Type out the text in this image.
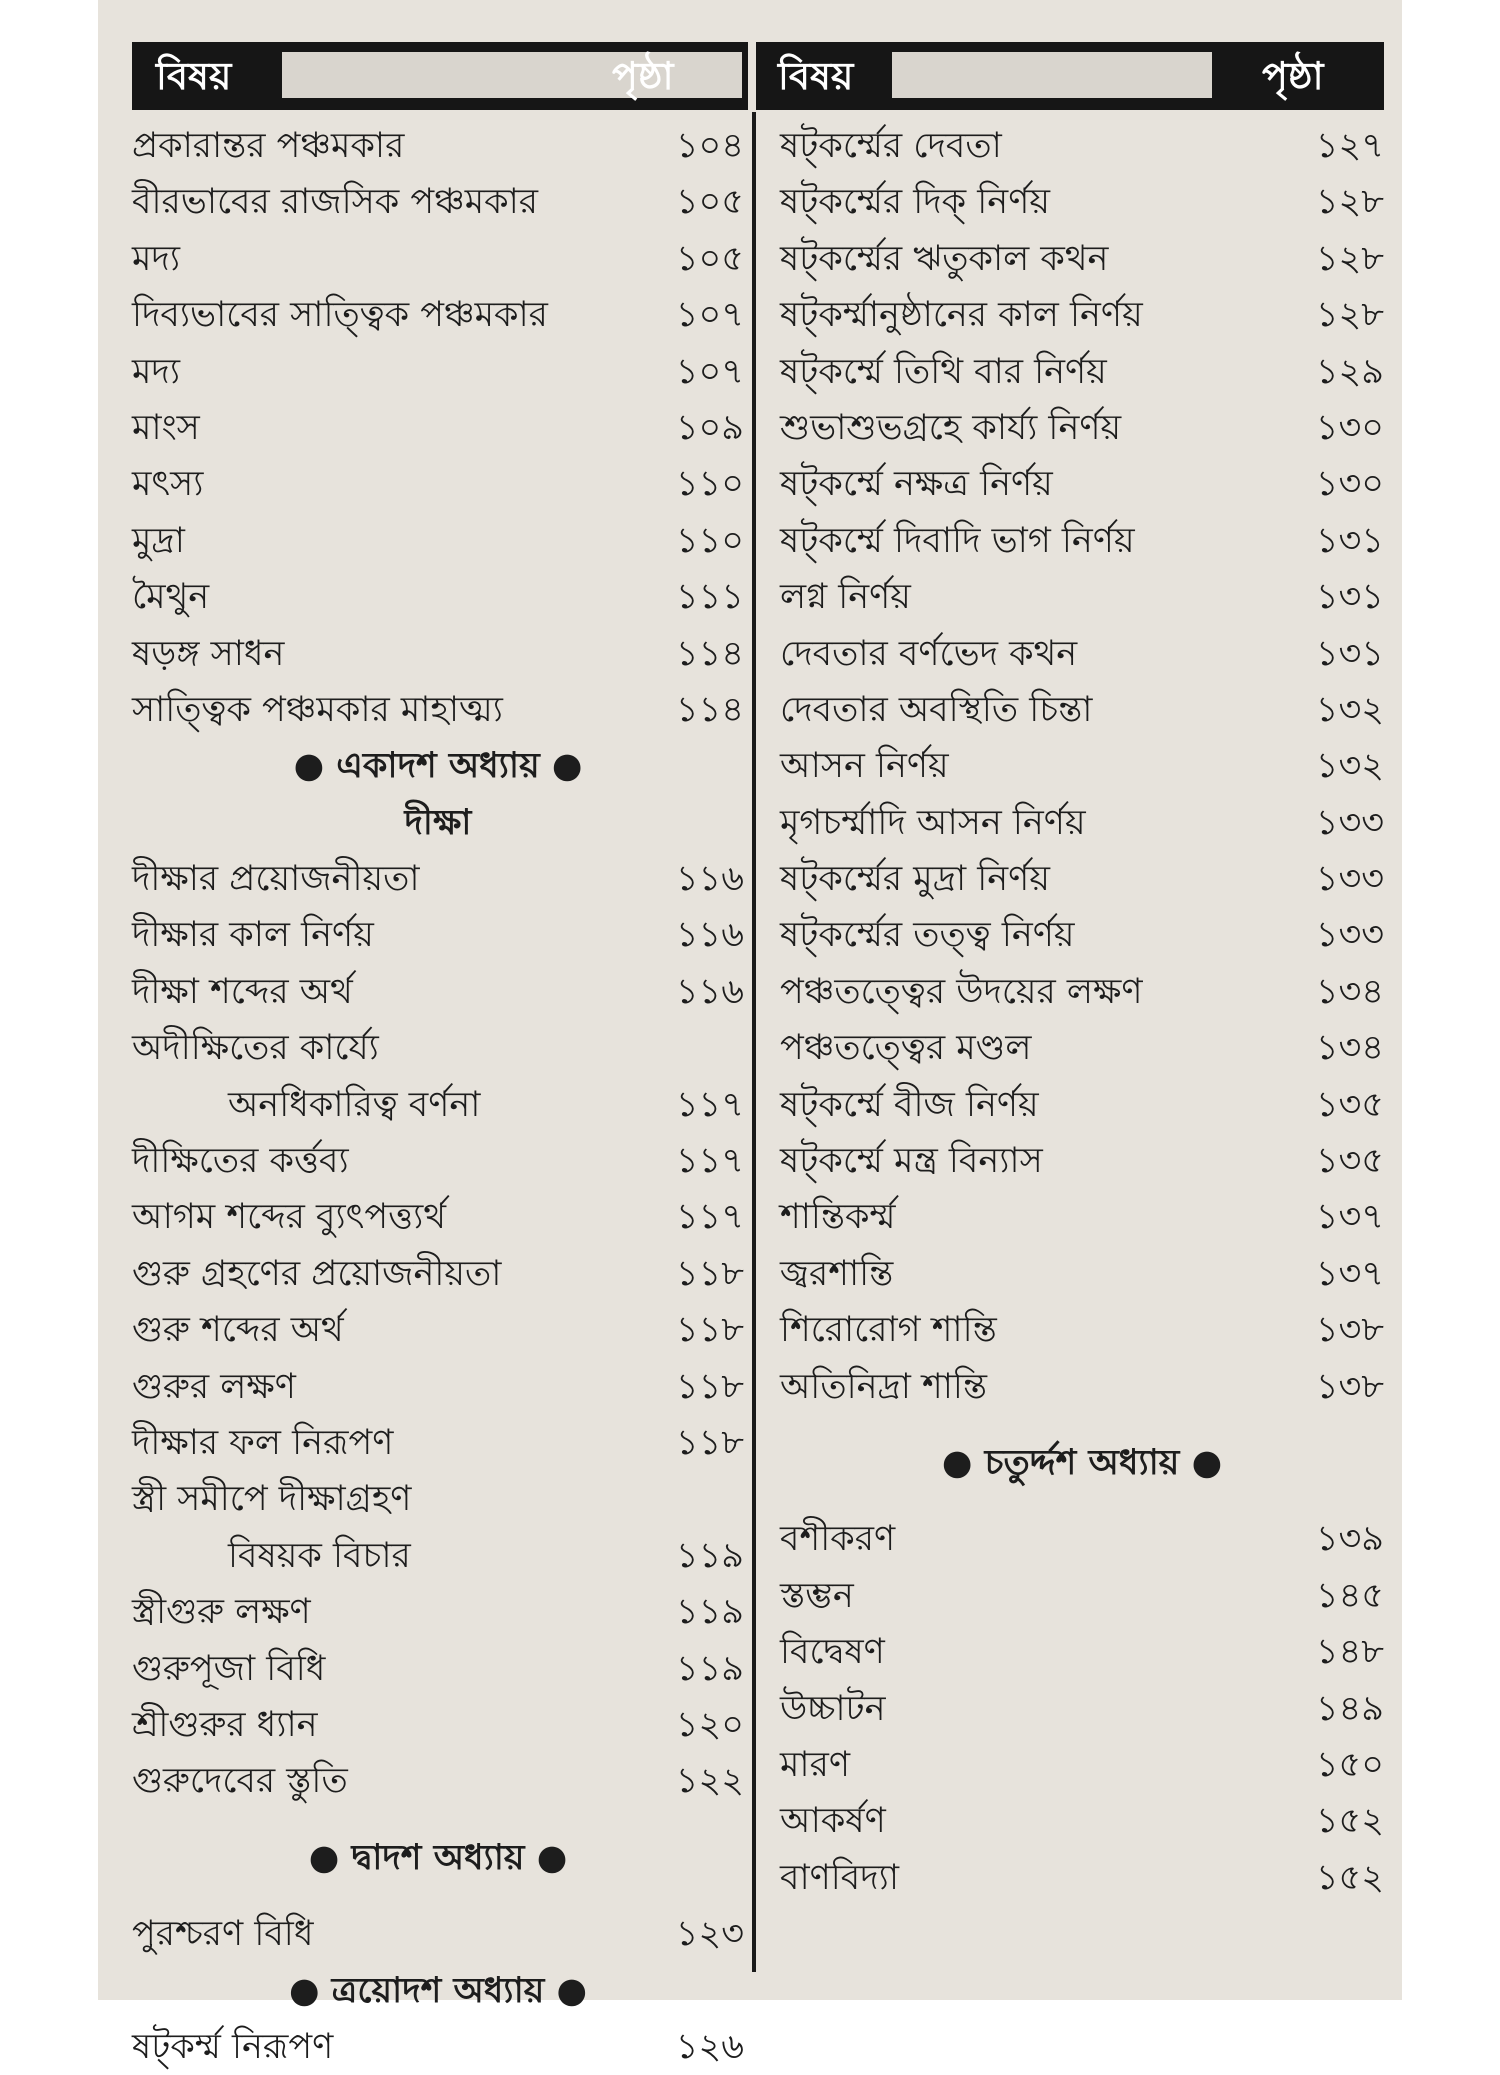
বিষয়	পৃষ্ঠা	বিষয়	পৃষ্ঠা
প্রকারান্তর পঞ্চমকার	১০৪
বীরভাবের রাজসিক পঞ্চমকার	১০৫
মদ্য	১০৫
দিব্যভাবের সাত্ত্বিক পঞ্চমকার	১০৭
মদ্য	১০৭
মাংস	১০৯
মৎস্য	১১০
মুদ্রা	১১০
মৈথুন	১১১
ষড়ঙ্গ সাধন	১১৪
সাত্ত্বিক পঞ্চমকার মাহাত্ম্য	১১৪
● একাদশ অধ্যায় ●
দীক্ষা
দীক্ষার প্রয়োজনীয়তা	১১৬
দীক্ষার কাল নির্ণয়	১১৬
দীক্ষা শব্দের অর্থ	১১৬
অদীক্ষিতের কার্য্যে
অনধিকারিত্ব বর্ণনা	১১৭
দীক্ষিতের কর্ত্তব্য	১১৭
আগম শব্দের ব্যুৎপত্ত্যর্থ	১১৭
গুরু গ্রহণের প্রয়োজনীয়তা	১১৮
গুরু শব্দের অর্থ	১১৮
গুরুর লক্ষণ	১১৮
দীক্ষার ফল নিরূপণ	১১৮
স্ত্রী সমীপে দীক্ষাগ্রহণ
বিষয়ক বিচার	১১৯
স্ত্রীগুরু লক্ষণ	১১৯
গুরুপূজা বিধি	১১৯
শ্রীগুরুর ধ্যান	১২০
গুরুদেবের স্তুতি	১২২
● দ্বাদশ অধ্যায় ●
পুরশ্চরণ বিধি	১২৩
● ত্রয়োদশ অধ্যায় ●
ষট্‌কর্ম্ম নিরূপণ	১২৬
ষট্‌কর্ম্মের দেবতা	১২৭
ষট্‌কর্ম্মের দিক্‌ নির্ণয়	১২৮
ষট্‌কর্ম্মের ঋতুকাল কথন	১২৮
ষট্‌কর্ম্মানুষ্ঠানের কাল নির্ণয়	১২৮
ষট্‌কর্ম্মে তিথি বার নির্ণয়	১২৯
শুভাশুভগ্রহে কার্য্য নির্ণয়	১৩০
ষট্‌কর্ম্মে নক্ষত্র নির্ণয়	১৩০
ষট্‌কর্ম্মে দিবাদি ভাগ নির্ণয়	১৩১
লগ্ন নির্ণয়	১৩১
দেবতার বর্ণভেদ কথন	১৩১
দেবতার অবস্থিতি চিন্তা	১৩২
আসন নির্ণয়	১৩২
মৃগচর্ম্মাদি আসন নির্ণয়	১৩৩
ষট্‌কর্ম্মের মুদ্রা নির্ণয়	১৩৩
ষট্‌কর্ম্মের তত্ত্ব নির্ণয়	১৩৩
পঞ্চতত্ত্বের উদয়ের লক্ষণ	১৩৪
পঞ্চতত্ত্বের মণ্ডল	১৩৪
ষট্‌কর্ম্মে বীজ নির্ণয়	১৩৫
ষট্‌কর্ম্মে মন্ত্র বিন্যাস	১৩৫
শান্তিকর্ম্ম	১৩৭
জ্বরশান্তি	১৩৭
শিরোরোগ শান্তি	১৩৮
অতিনিদ্রা শান্তি	১৩৮
● চতুর্দ্দশ অধ্যায় ●
বশীকরণ	১৩৯
স্তম্ভন	১৪৫
বিদ্বেষণ	১৪৮
উচ্চাটন	১৪৯
মারণ	১৫০
আকর্ষণ	১৫২
বাণবিদ্যা	১৫২
